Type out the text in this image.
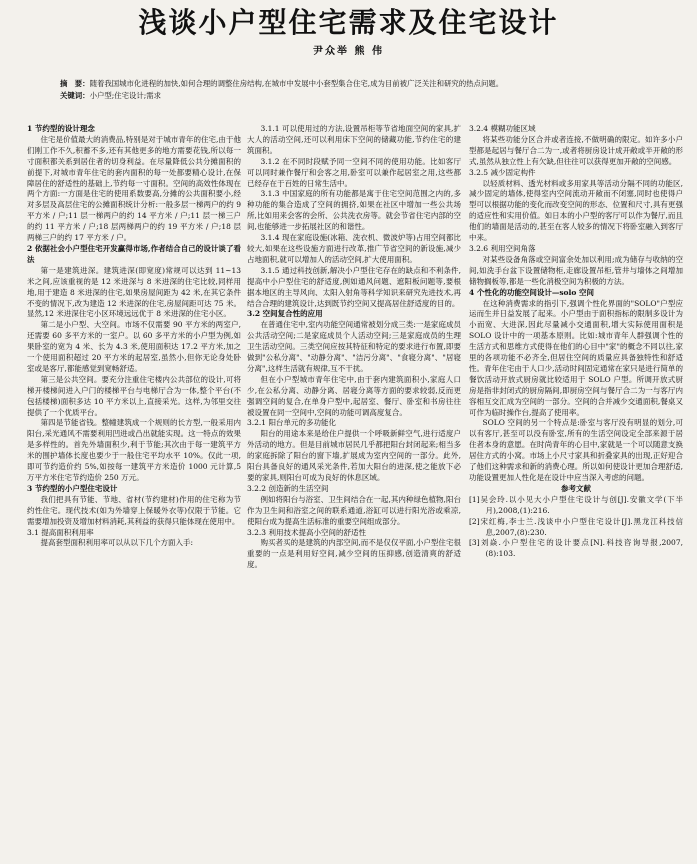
浅谈小户型住宅需求及住宅设计
尹众举 熊 伟
摘　要：随着我国城市化进程的加快,如何合理的调整住房结构,在城市中发展中小套型集合住宅,成为目前被广泛关注和研究的热点问题。
关键词：小户型;住宅设计;需求
1 节约型的设计理念

住宅是价值最大的消费品,特别是对于城市青年的住宅,由于他们刚工作不久,积蓄不多,还有其他更多的地方需要花钱,所以每一寸面积都关系到居住者的切身利益。在尽量降低公共分摊面积的前提下,对城市青年住宅的套内面积的每一处都要精心设计,在保障居住的舒适性的基础上,节约每一寸面积。空间的高效性体现在两个方面:一方面是住宅的使用系数要高,分摊的公共面积要小,经对多层及高层住宅的公摊面积统计分析:一般多层一梯两户的约 9 平方米 / 户;11 层一梯两户的约 14 平方米 / 户;11 层一梯三户的约 11 平方米 / 户;18 层两梯两户的约 19 平方米 / 户;18 层两梯三户的约 17 平方米 / 户。

2 依据社会小户型住宅开发赢得市场,作者结合自己的设计谈了看法

第一是建筑进深。建筑进深(即宽度)常规可以达到 11~13 米之间,应该重视的是 12 米进深与 8 米进深的住宅比较,同样用地,用于建造 8 米进深的住宅,如果房屋间距为 42 米,在其它条件不变的情况下,改为建造 12 米进深的住宅,房屋间距可达 75 米。显然,12 米进深住宅小区环境远远优于 8 米进深的住宅小区。

第二是小户型、大空间。市场不仅需要 90 平方米的两室户,还需要 60 多平方米的一室户。以 60 多平方米的小户型为例,如果卧室的宽为 4 米、长为 4.3 米,使用面积达 17.2 平方米,加之一个使用面积超过 20 平方米的起居室,虽然小,但你无论身处卧室或是客厅,都能感觉到宽畅舒适。

第三是公共空间。要充分注重住宅楼内公共部位的设计,可将梯开楼梯间进入户门的楼梯平台与电梯厅合为一体,整个平台(不包括楼梯)面积多达 10 平方米以上,直接采光。这样,为邻里交往提供了一个优质平台。

第四是节能省钱。整幢建筑成一个规则的长方型,一般采用内阳台,采光通风不需要利用凹进或凸出就能实现。这一特点的效果是多样性的。首先外墙面积少,利于节能;其次由于每一建筑平方米的围护墙体长度也要少于一般住宅平均水平 10%。仅此一项,即可节约造价约 5%,如按每一建筑平方米造价 1000 元计算,5 万平方米住宅节约造价 250 万元。

3 节约型的小户型住宅设计

我们把具有节能、节地、省材(节约建材)作用的住宅称为节约性住宅。现代技术(如为外墙穿上保暖外衣等)仅限于节能。它需要增加投资及增加材料消耗,其利益的获得只能体现在使用中。

3.1 提高面积利用率

提高套型面积利用率可以从以下几个方面入手:

3.1.1 可以使用过的方法,设置吊柜等节省地面空间的家具,扩大人的活动空间,还可以利用床下空间的储藏功能,节约住宅的建筑面积。

3.1.2 在不同时段赋予同一空间不同的使用功能。比如客厅可以同时兼作餐厅和会客之用,卧室可以兼作起居室之用,这些都已经存在于百姓的日常生活中。

3.1.3 中国家庭的所有功能都是寓于住宅空间范围之内的,多种功能的集合造成了空间的拥挤,如果在社区中增加一些公共场所,比如用来会客的会所、公共洗衣房等。就会节省住宅内部的空间,也能够进一步拓展社区的和谐性。

3.1.4 现在家庭设施(冰箱、洗衣机、微波炉等)占用空间都比较大,如果在这些设施方面进行改革,推广节省空间的新设施,减少占地面积,就可以增加人的活动空间,扩大使用面积。

3.1.5 通过科技创新,解决小户型住宅存在的缺点和不利条件,提高中小户型住宅的舒适度,例如通风问题、遮阳板问题等,要根据本地区的主导风向、太阳入射角等科学知识来研究先进技术,再结合合理的建筑设计,达到既节约空间又提高居住舒适度的目的。

3.2 空间复合性的应用

在普通住宅中,室内功能空间通常被划分成三类:一是家庭成员公共活动空间;二是家庭成员个人活动空间;三是家庭成员的生理卫生活动空间。三类空间应按其特征和特定的要求进行布置,即要做到"公私分离"、"动静分离"、"洁污分离"、"食寝分离"、"居寝分离",这样生活就有规律,互不干扰。

但在小户型城市青年住宅中,由于套内建筑面积小,家庭人口少,在公私分离、动静分离、居寝分离等方面的要求较弱,反而更强调空间的复合,在单身户型中,起居室、餐厅、卧室和书房往往被设置在同一空间中,空间的功能可调高度复合。

3.2.1 阳台单元的多功能化

阳台的用途本来是给住户提供一个呼吸新鲜空气,进行适度户外活动的地方。但是目前城市居民几乎都把阳台封闭起来;相当多的家庭拆除了阳台的窗下墙,扩展成为室内空间的一部分。此外,阳台具备良好的通风采光条件,若加大阳台的进深,使之能放下必要的家具,则阳台可成为良好的休息区域。

3.2.2 创造新的生活空间

例如将阳台与浴室、卫生间结合在一起,其内种绿色植物,阳台作为卫生间和浴室之间的联系通道,浴缸可以进行阳光浴或乘凉,使阳台成为提高生活标准的重要空间组成部分。

3.2.3 利用技术提高小空间的舒适性

购买者买的是建筑的内部空间,而不是仅仅平面,小户型住宅很重要的一点是利用好空间,减少空间的压抑感,创造清爽的舒适度。

3.2.4 模糊功能区域

将某些功能分区合并或者连接,不做明确的限定。如许多小户型都是起居与餐厅合二为一,或者将厨房设计成开敞或半开敞的形式,虽然从独立性上有欠缺,但往往可以获得更加开敞的空间感。

3.2.5 减少固定构件

以轻质材料、透光材料或多用家具等活动分隔不同的功能区,减少固定的墙体,使得室内空间流动开敞而不闭塞,同时也使得户型可以根据功能的变化而改变空间的形态、位置和尺寸,具有更强的适应性和实用价值。如日本的小户型的客厅可以作为餐厅,而且他们的墙面是活动的,甚至在客人较多的情况下将卧室融入到客厅中来。

3.2.6 利用空间角落

对某些设备角落或空间富余处加以利用;成为储存与收纳的空间,如洗手台盆下设置储物柜,走廊设置吊柜,管井与墙体之间增加储物搁板等,都是一些化消极空间为积极的方法。

4 个性化的功能空间设计—solo 空间

在这种消费需求的指引下,强调个性化界面的"SOLO"户型应运而生并日益发展了起来。小户型由于面积指标的限制多设计为小而宽、大进深,因此尽量减小交通面积,增大实际使用面积是 SOLO 设计中的一项基本原则。比如:城市青年人群强调个性的生活方式和思维方式使得在他们的心目中"家"的概念不同以往,家里的各项功能不必齐全,但居住空间的质量应具备独特性和舒适性。青年住宅由于人口少,活动时间固定通常在家只是进行简单的餐饮活动开放式厨房就比较适用于 SOLO 户型。所调开放式厨房是指非封闭式的厨房隔间,即厨房空间与餐厅合二为一与客厅内容相互交汇成为空间的一部分。空间的合并减少交通面积,餐桌又可作为临时操作台,提高了使用率。

SOLO 空间的另一个特点是:卧室与客厅没有明显的划分,可以有客厅,甚至可以没有卧室,所有的生活空间设定全部来源于居住者本身的意愿。在时尚青年的心目中,家就是一个可以随意支换居住方式的小窝。市场上小尺寸家具和折叠家具的出现,正好迎合了他们这种需求和新的消费心理。所以如何使设计更加合理舒适,功能设置更加人性化是在设计中应当深入考虑的问题。

参考文献

[1]吴会玲.以小见大小户型住宅设计与创[J].安徽文学(下半月),2008,(1):216.

[2]宋红梅,李士兰.浅谈中小户型住宅设计[J].黑龙江科技信息,2007,(8):230.

[3]刘焱.小户型住宅的设计要点[N].科技咨询导报,2007,(8):103.
